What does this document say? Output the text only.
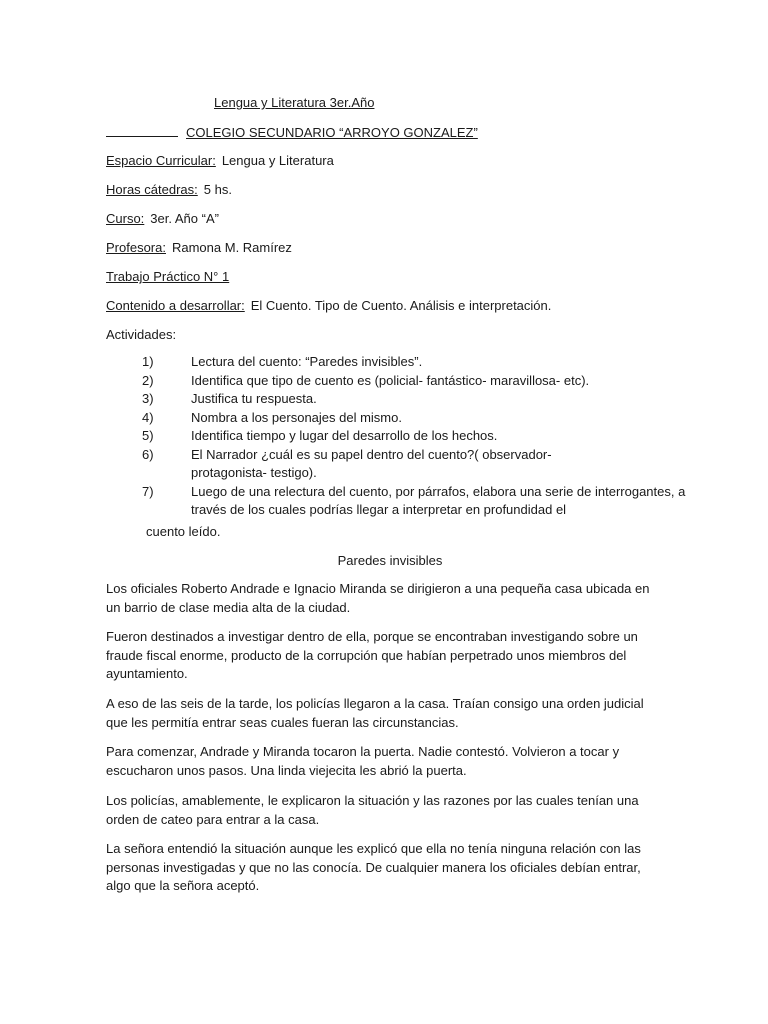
Lengua y Literatura 3er.Año
COLEGIO SECUNDARIO “ARROYO GONZALEZ”
Espacio Curricular: Lengua y Literatura
Horas cátedras: 5 hs.
Curso: 3er. Año “A”
Profesora: Ramona M. Ramírez
Trabajo Práctico N° 1
Contenido a desarrollar: El Cuento. Tipo de Cuento. Análisis e interpretación.
Actividades:
1)	Lectura del cuento: “Paredes invisibles”.
2)	Identifica que tipo de cuento es (policial- fantástico- maravillosa- etc).
3)	Justifica tu respuesta.
4)	Nombra a los personajes del mismo.
5)	Identifica tiempo y lugar del desarrollo de los hechos.
6)	El Narrador ¿cuál es su papel dentro del cuento?( observador- protagonista- testigo).
7)	Luego de una relectura del cuento, por párrafos, elabora una serie de interrogantes, a través de los cuales podrías llegar a interpretar en profundidad el
cuento leído.
Paredes invisibles

Los oficiales Roberto Andrade e Ignacio Miranda se dirigieron a una pequeña casa ubicada en un barrio de clase media alta de la ciudad.

Fueron destinados a investigar dentro de ella, porque se encontraban investigando sobre un fraude fiscal enorme, producto de la corrupción que habían perpetrado unos miembros del ayuntamiento.

A eso de las seis de la tarde, los policías llegaron a la casa. Traían consigo una orden judicial que les permitía entrar seas cuales fueran las circunstancias.

Para comenzar, Andrade y Miranda tocaron la puerta. Nadie contestó. Volvieron a tocar y escucharon unos pasos. Una linda viejecita les abrió la puerta.

Los policías, amablemente, le explicaron la situación y las razones por las cuales tenían una orden de cateo para entrar a la casa.

La señora entendió la situación aunque les explicó que ella no tenía ninguna relación con las personas investigadas y que no las conocía. De cualquier manera los oficiales debían entrar, algo que la señora aceptó.
